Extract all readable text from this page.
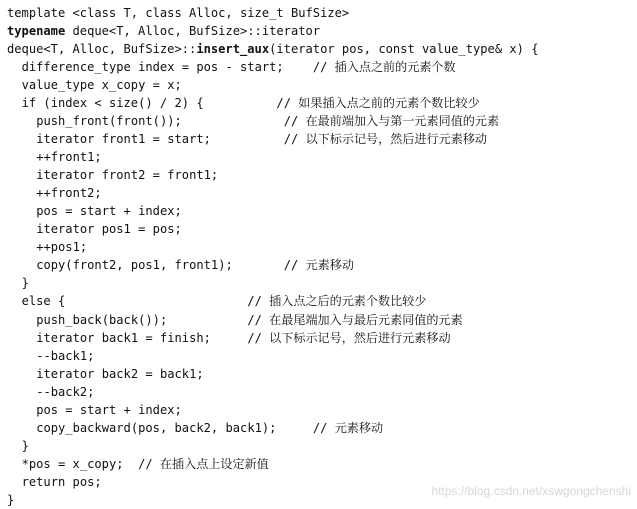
template <class T, class Alloc, size_t BufSize>
typename deque<T, Alloc, BufSize>::iterator
deque<T, Alloc, BufSize>::insert_aux(iterator pos, const value_type& x) {
difference_type index = pos - start;    // 插入点之前的元素个数
value_type x_copy = x;
if (index < size() / 2) {          // 如果插入点之前的元素个数比较少
push_front(front());              // 在最前端加入与第一元素同值的元素
iterator front1 = start;          // 以下标示记号，然后进行元素移动
++front1;
iterator front2 = front1;
++front2;
pos = start + index;
iterator pos1 = pos;
++pos1;
copy(front2, pos1, front1);       // 元素移动
}
else {                         // 插入点之后的元素个数比较少
push_back(back());           // 在最尾端加入与最后元素同值的元素
iterator back1 = finish;     // 以下标示记号，然后进行元素移动
--back1;
iterator back2 = back1;
--back2;
pos = start + index;
copy_backward(pos, back2, back1);     // 元素移动
}
*pos = x_copy;  // 在插入点上设定新值
return pos;
}
https://blog.csdn.net/xswgongchenshi
